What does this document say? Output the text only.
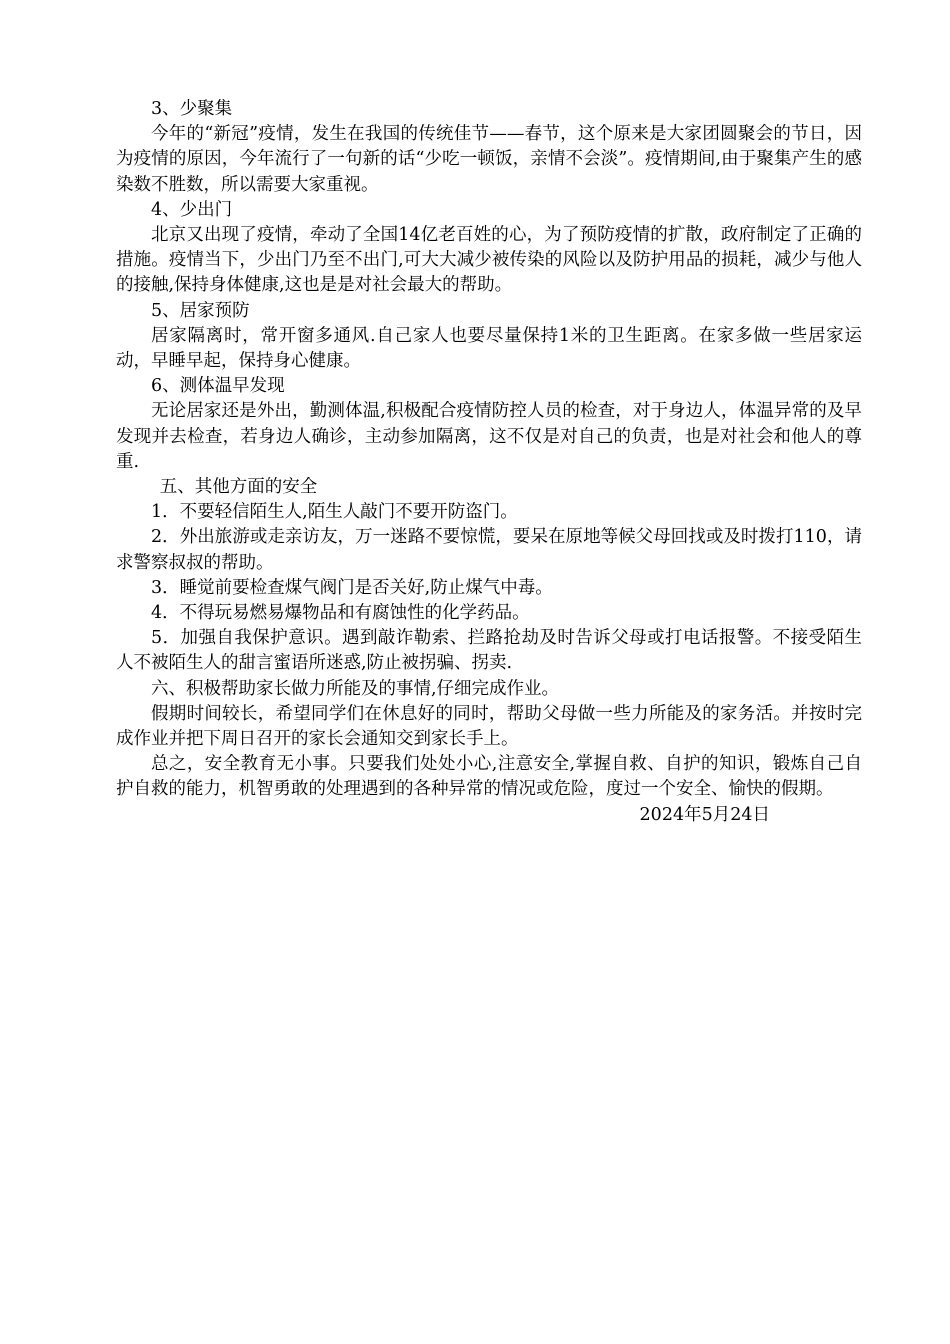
3、少聚集

今年的“新冠”疫情，发生在我国的传统佳节——春节，这个原来是大家团圆聚会的节日，因为疫情的原因，今年流行了一句新的话“少吃一顿饭，亲情不会淡”。疫情期间,由于聚集产生的感染数不胜数，所以需要大家重视。

4、少出门

北京又出现了疫情，牵动了全国14亿老百姓的心，为了预防疫情的扩散，政府制定了正确的措施。疫情当下，少出门乃至不出门,可大大减少被传染的风险以及防护用品的损耗，减少与他人的接触,保持身体健康,这也是是对社会最大的帮助。

5、居家预防

居家隔离时，常开窗多通风.自己家人也要尽量保持1米的卫生距离。在家多做一些居家运动，早睡早起，保持身心健康。

6、测体温早发现

无论居家还是外出，勤测体温,积极配合疫情防控人员的检查，对于身边人，体温异常的及早发现并去检查，若身边人确诊，主动参加隔离，这不仅是对自己的负责，也是对社会和他人的尊重.

五、其他方面的安全

1．不要轻信陌生人,陌生人敲门不要开防盗门。

2．外出旅游或走亲访友，万一迷路不要惊慌，要呆在原地等候父母回找或及时拨打110，请求警察叔叔的帮助。

3．睡觉前要检查煤气阀门是否关好,防止煤气中毒。

4．不得玩易燃易爆物品和有腐蚀性的化学药品。

5．加强自我保护意识。遇到敲诈勒索、拦路抢劫及时告诉父母或打电话报警。不接受陌生人不被陌生人的甜言蜜语所迷惑,防止被拐骗、拐卖.

六、积极帮助家长做力所能及的事情,仔细完成作业。

假期时间较长，希望同学们在休息好的同时，帮助父母做一些力所能及的家务活。并按时完成作业并把下周日召开的家长会通知交到家长手上。

总之，安全教育无小事。只要我们处处小心,注意安全,掌握自救、自护的知识，锻炼自己自护自救的能力，机智勇敢的处理遇到的各种异常的情况或危险，度过一个安全、愉快的假期。

2024年5月24日
